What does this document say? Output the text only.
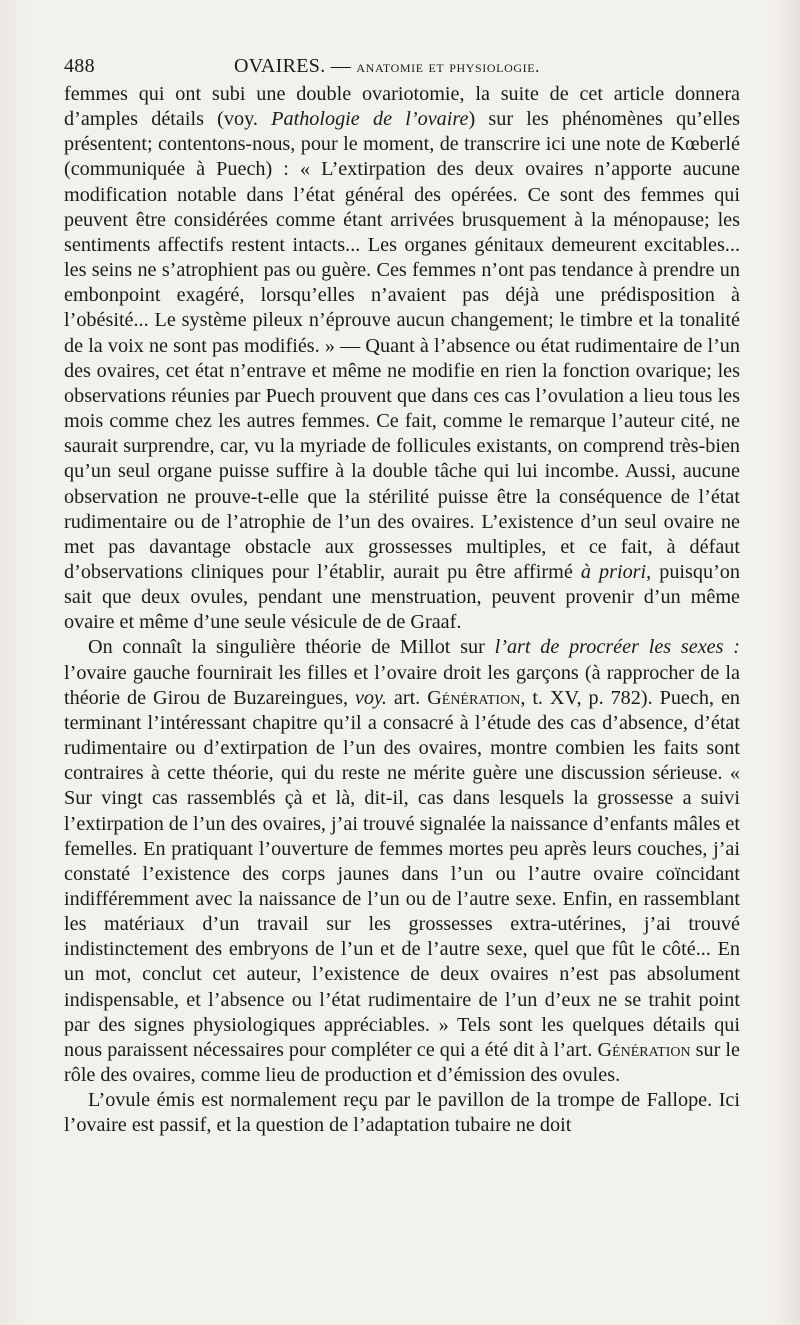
488	OVAIRES. — anatomie et physiologie.

femmes qui ont subi une double ovariotomie, la suite de cet article donnera d’amples détails (voy. Pathologie de l’ovaire) sur les phénomènes qu’elles présentent; contentons-nous, pour le moment, de transcrire ici une note de Kœberlé (communiquée à Puech) : « L’extirpation des deux ovaires n’apporte aucune modification notable dans l’état général des opérées. Ce sont des femmes qui peuvent être considérées comme étant arrivées brusquement à la ménopause; les sentiments affectifs restent intacts... Les organes génitaux demeurent excitables... les seins ne s’atrophient pas ou guère. Ces femmes n’ont pas tendance à prendre un embonpoint exagéré, lorsqu’elles n’avaient pas déjà une prédisposition à l’obésité... Le système pileux n’éprouve aucun changement; le timbre et la tonalité de la voix ne sont pas modifiés. » — Quant à l’absence ou état rudimentaire de l’un des ovaires, cet état n’entrave et même ne modifie en rien la fonction ovarique; les observations réunies par Puech prouvent que dans ces cas l’ovulation a lieu tous les mois comme chez les autres femmes. Ce fait, comme le remarque l’auteur cité, ne saurait surprendre, car, vu la myriade de follicules existants, on comprend très-bien qu’un seul organe puisse suffire à la double tâche qui lui incombe. Aussi, aucune observation ne prouve-t-elle que la stérilité puisse être la conséquence de l’état rudimentaire ou de l’atrophie de l’un des ovaires. L’existence d’un seul ovaire ne met pas davantage obstacle aux grossesses multiples, et ce fait, à défaut d’observations cliniques pour l’établir, aurait pu être affirmé à priori, puisqu’on sait que deux ovules, pendant une menstruation, peuvent provenir d’un même ovaire et même d’une seule vésicule de de Graaf.

On connaît la singulière théorie de Millot sur l’art de procréer les sexes : l’ovaire gauche fournirait les filles et l’ovaire droit les garçons (à rapprocher de la théorie de Girou de Buzareingues, voy. art. Génération, t. XV, p. 782). Puech, en terminant l’intéressant chapitre qu’il a consacré à l’étude des cas d’absence, d’état rudimentaire ou d’extirpation de l’un des ovaires, montre combien les faits sont contraires à cette théorie, qui du reste ne mérite guère une discussion sérieuse. « Sur vingt cas rassemblés çà et là, dit-il, cas dans lesquels la grossesse a suivi l’extirpation de l’un des ovaires, j’ai trouvé signalée la naissance d’enfants mâles et femelles. En pratiquant l’ouverture de femmes mortes peu après leurs couches, j’ai constaté l’existence des corps jaunes dans l’un ou l’autre ovaire coïncidant indifféremment avec la naissance de l’un ou de l’autre sexe. Enfin, en rassemblant les matériaux d’un travail sur les grossesses extra-utérines, j’ai trouvé indistinctement des embryons de l’un et de l’autre sexe, quel que fût le côté... En un mot, conclut cet auteur, l’existence de deux ovaires n’est pas absolument indispensable, et l’absence ou l’état rudimentaire de l’un d’eux ne se trahit point par des signes physiologiques appréciables. » Tels sont les quelques détails qui nous paraissent nécessaires pour compléter ce qui a été dit à l’art. Génération sur le rôle des ovaires, comme lieu de production et d’émission des ovules.

L’ovule émis est normalement reçu par le pavillon de la trompe de Fallope. Ici l’ovaire est passif, et la question de l’adaptation tubaire ne doit
